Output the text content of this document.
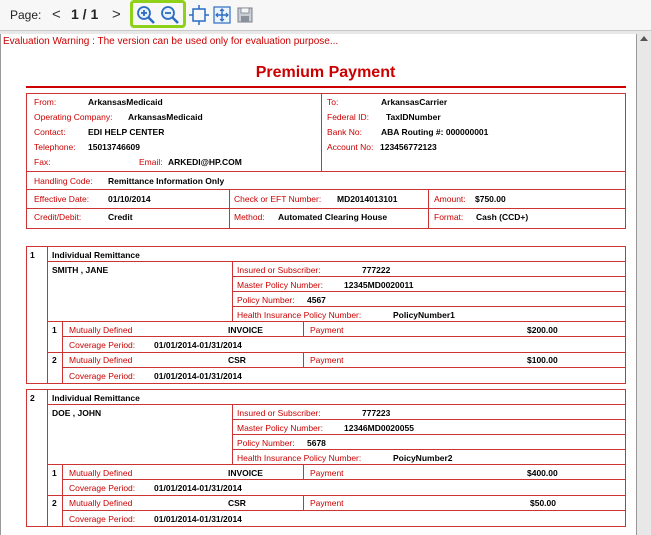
Page: < 1 / 1 >
Evaluation Warning : The version can be used only for evaluation purpose...
Premium Payment
From:	ArkansasMedicaid
Operating Company: ArkansasMedicaid
Contact:	EDI HELP CENTER
Telephone: 15013746609
Fax:	Email: ARKEDI@HP.COM
To:	ArkansasCarrier
Federal ID: TaxIDNumber
Bank No: ABA Routing #: 000000001
Account No: 123456772123
Handling Code: Remittance Information Only
Effective Date: 01/10/2014	Check or EFT Number: MD2014013101	Amount: $750.00
Credit/Debit:	Credit	Method: Automated Clearing House	Format: Cash (CCD+)
1 Individual Remittance
SMITH , JANE	Insured or Subscriber:	777222
Master Policy Number: 12345MD0020011
Policy Number: 4567
Health Insurance Policy Number:	PolicyNumber1
1 Mutually Defined	INVOICE	Payment	$200.00
Coverage Period: 01/01/2014-01/31/2014
2 Mutually Defined	CSR	Payment	$100.00
Coverage Period: 01/01/2014-01/31/2014
2 Individual Remittance
DOE , JOHN	Insured or Subscriber:	777223
Master Policy Number: 12346MD0020055
Policy Number: 5678
Health Insurance Policy Number:	PoicyNumber2
1 Mutually Defined	INVOICE	Payment	$400.00
Coverage Period: 01/01/2014-01/31/2014
2 Mutually Defined	CSR	Payment	$50.00
Coverage Period: 01/01/2014-01/31/2014
